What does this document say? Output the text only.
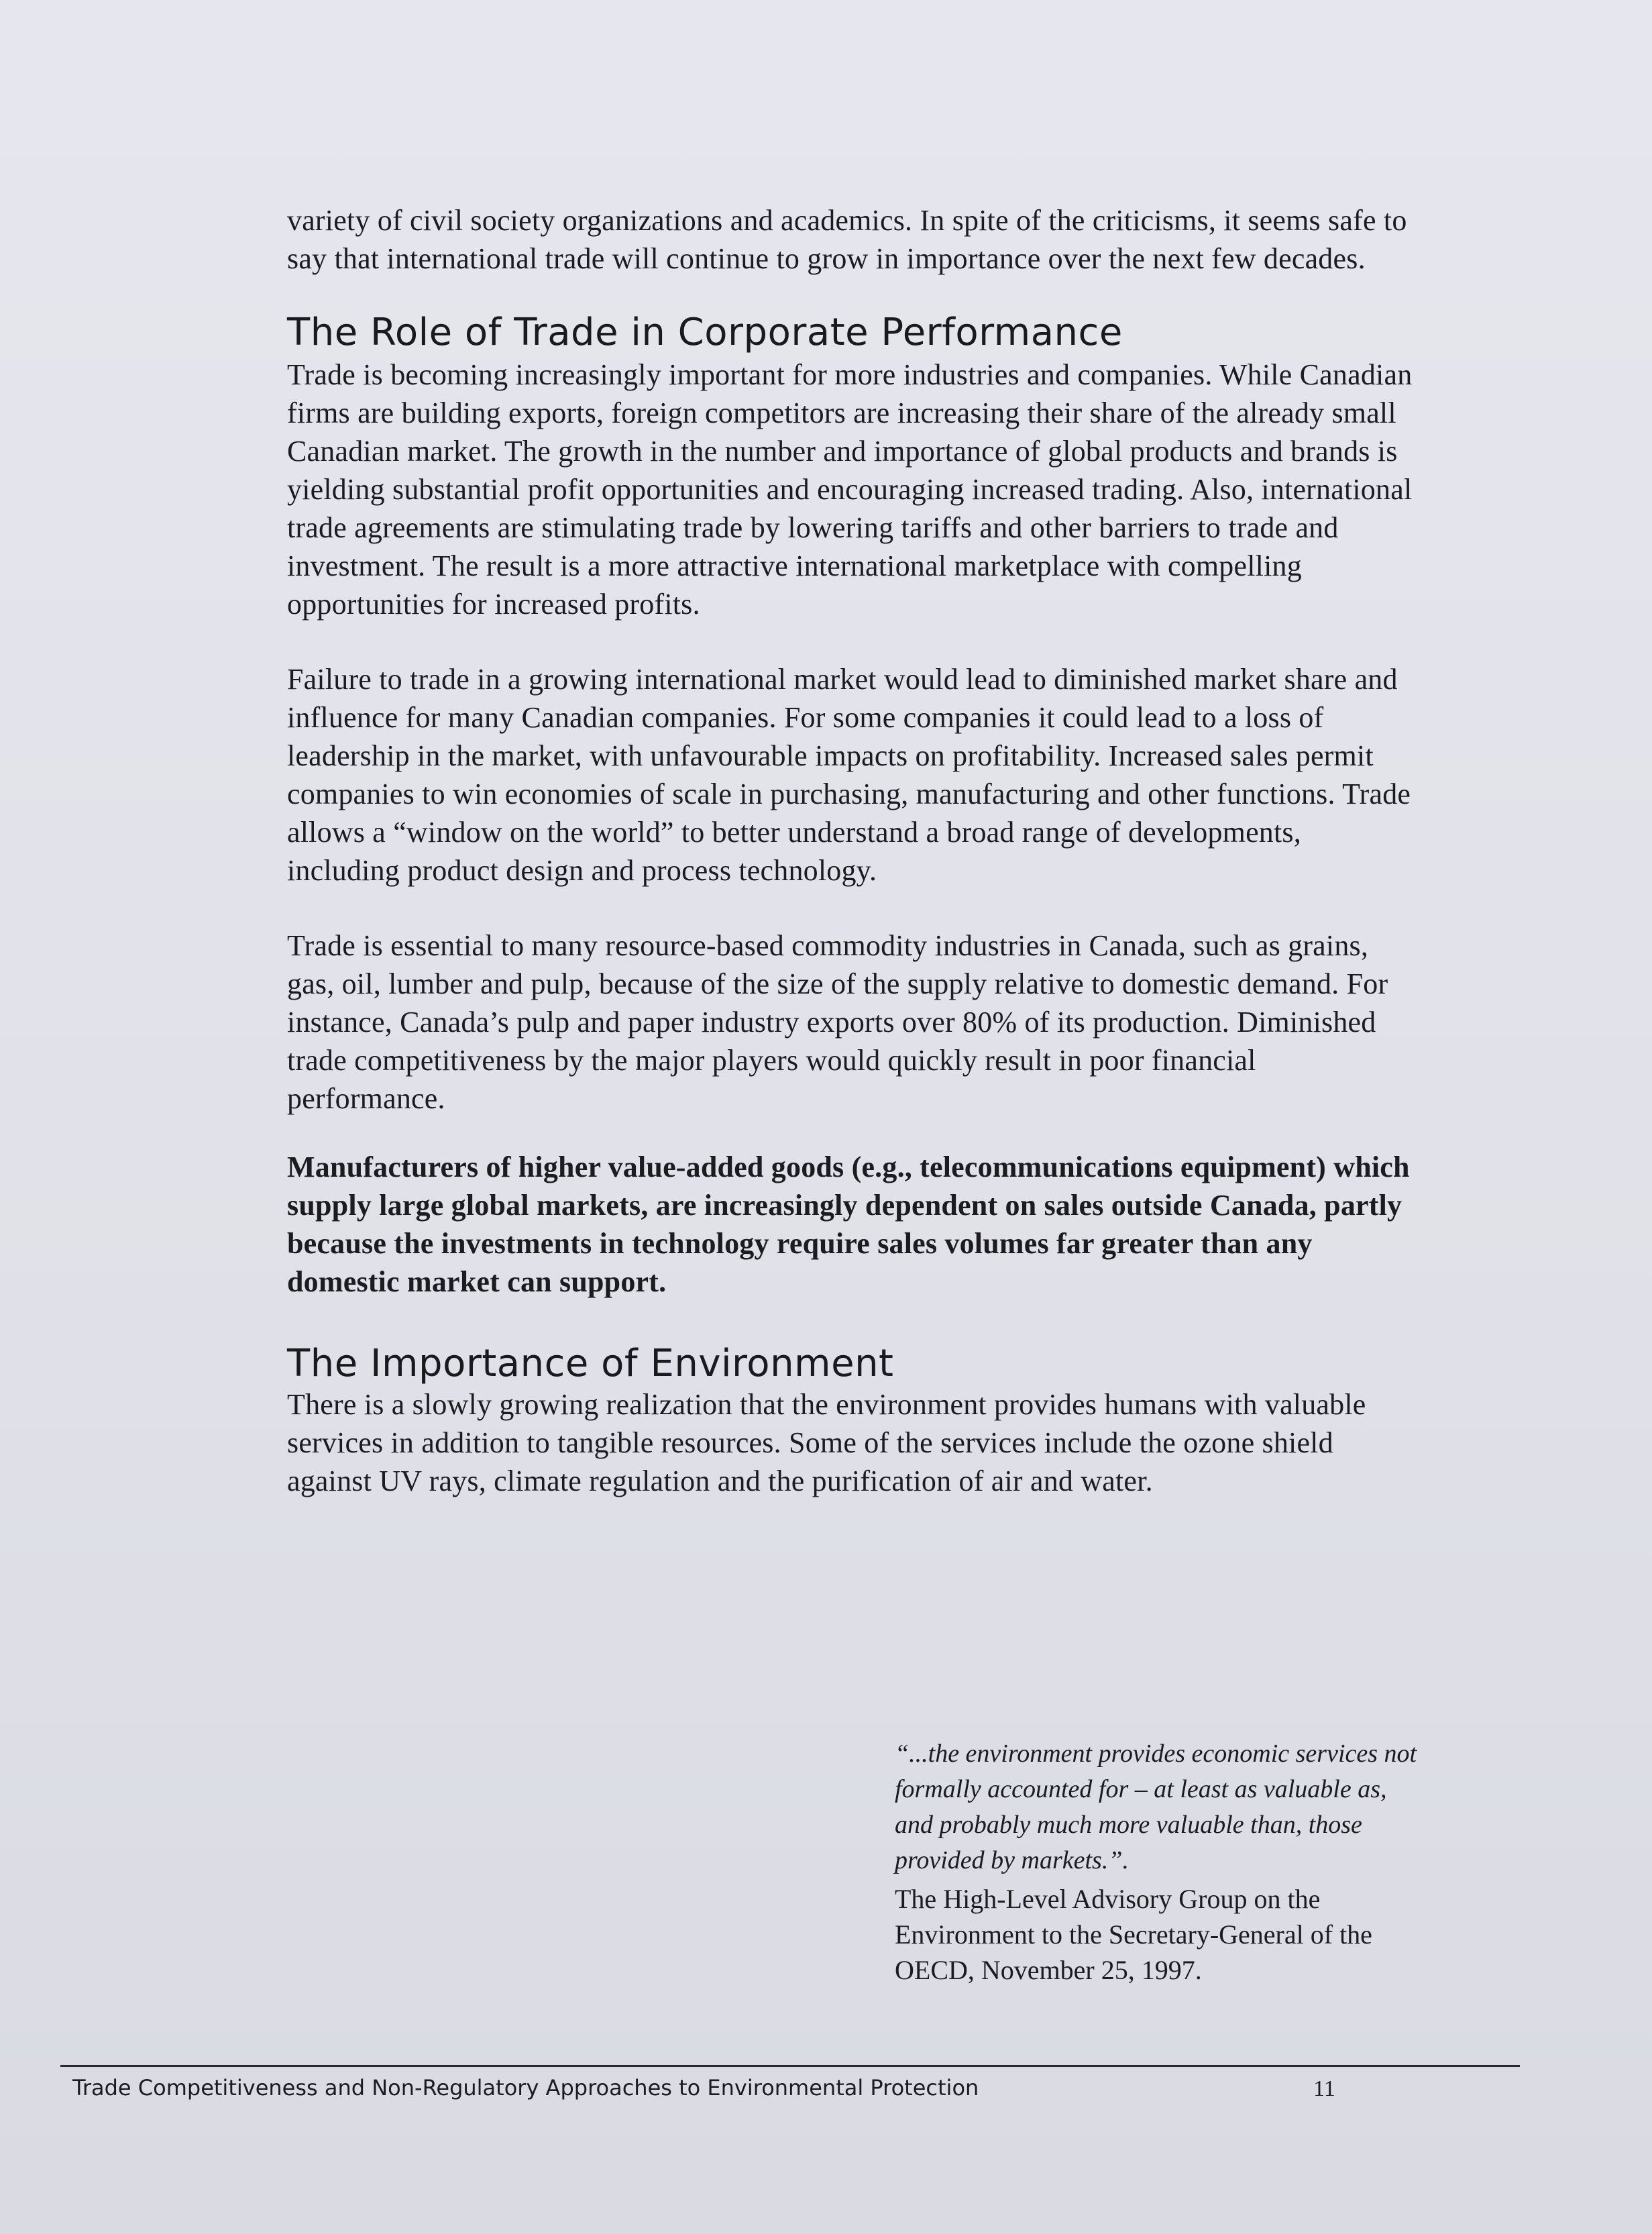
variety of civil society organizations and academics. In spite of the criticisms, it seems safe to say that international trade will continue to grow in importance over the next few decades.

The Role of Trade in Corporate Performance

Trade is becoming increasingly important for more industries and companies. While Canadian firms are building exports, foreign competitors are increasing their share of the already small Canadian market. The growth in the number and importance of global products and brands is yielding substantial profit opportunities and encouraging increased trading. Also, international trade agreements are stimulating trade by lowering tariffs and other barriers to trade and investment. The result is a more attractive international marketplace with compelling opportunities for increased profits.

Failure to trade in a growing international market would lead to diminished market share and influence for many Canadian companies. For some companies it could lead to a loss of leadership in the market, with unfavourable impacts on profitability. Increased sales permit companies to win economies of scale in purchasing, manufacturing and other functions. Trade allows a “window on the world” to better understand a broad range of developments, including product design and process technology.

Trade is essential to many resource-based commodity industries in Canada, such as grains, gas, oil, lumber and pulp, because of the size of the supply relative to domestic demand. For instance, Canada’s pulp and paper industry exports over 80% of its production. Diminished trade competitiveness by the major players would quickly result in poor financial performance.

Manufacturers of higher value-added goods (e.g., telecommunications equipment) which supply large global markets, are increasingly dependent on sales outside Canada, partly because the investments in technology require sales volumes far greater than any domestic market can support.

The Importance of Environment

There is a slowly growing realization that the environment provides humans with valuable services in addition to tangible resources. Some of the services include the ozone shield against UV rays, climate regulation and the purification of air and water.

“...the environment provides economic services not formally accounted for – at least as valuable as, and probably much more valuable than, those provided by markets.”.

The High-Level Advisory Group on the Environment to the Secretary-General of the OECD, November 25, 1997.

Trade Competitiveness and Non-Regulatory Approaches to Environmental Protection	11
